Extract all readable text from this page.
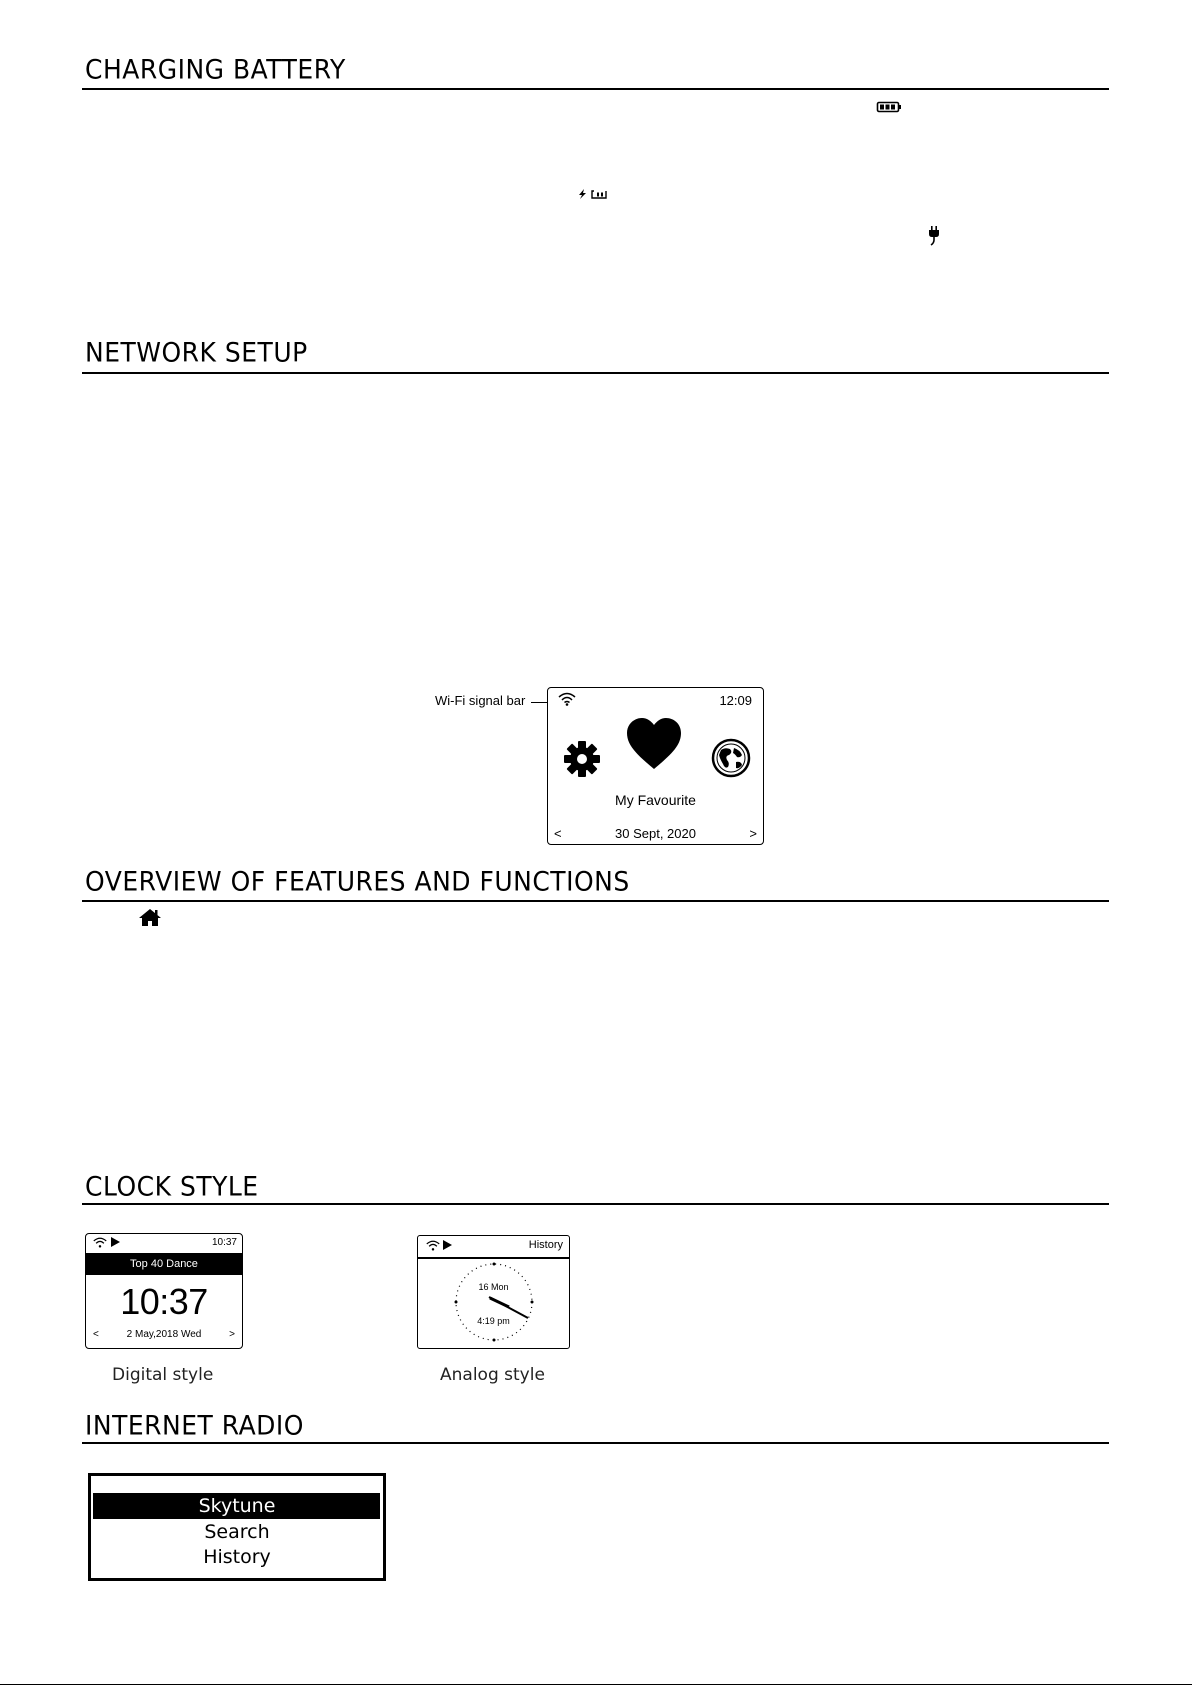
CHARGING BATTERY
NETWORK SETUP
Wi-Fi signal bar	12:09
My Favourite
<	30 Sept, 2020	>
OVERVIEW OF FEATURES AND FUNCTIONS
CLOCK STYLE
10:37
Top 40 Dance
10:37
<	2 May,2018 Wed	>
Digital style
History
16 Mon
4:19 pm
Analog style
INTERNET RADIO
Skytune
Search
History
